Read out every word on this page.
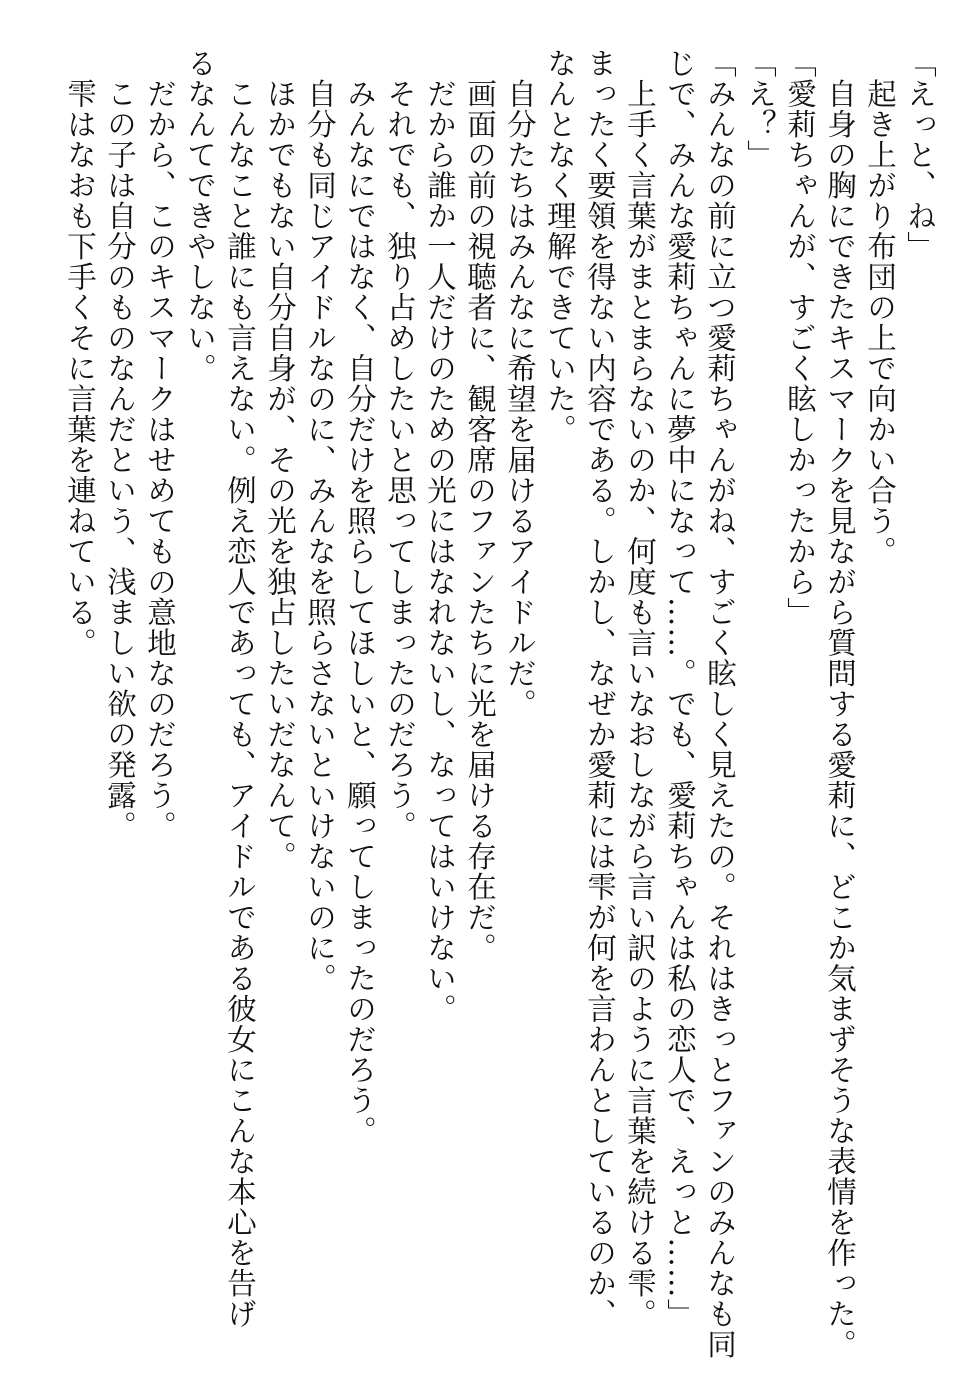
「えっと、ね」

　起き上がり布団の上で向かい合う。

　自身の胸にできたキスマークを見ながら質問する愛莉に、どこか気まずそうな表情を作った。

「愛莉ちゃんが、すごく眩しかったから」

「え？」

「みんなの前に立つ愛莉ちゃんがね、すごく眩しく見えたの。それはきっとファンのみんなも同

じで、みんな愛莉ちゃんに夢中になって……。でも、愛莉ちゃんは私の恋人で、えっと……」

　上手く言葉がまとまらないのか、何度も言いなおしながら言い訳のように言葉を続ける雫。

まったく要領を得ない内容である。しかし、なぜか愛莉には雫が何を言わんとしているのか、

なんとなく理解できていた。

　自分たちはみんなに希望を届けるアイドルだ。

　画面の前の視聴者に、観客席のファンたちに光を届ける存在だ。

　だから誰か一人だけのための光にはなれないし、なってはいけない。

　それでも、独り占めしたいと思ってしまったのだろう。

　みんなにではなく、自分だけを照らしてほしいと、願ってしまったのだろう。

　自分も同じアイドルなのに、みんなを照らさないといけないのに。

　ほかでもない自分自身が、その光を独占したいだなんて。

　こんなこと誰にも言えない。例え恋人であっても、アイドルである彼女にこんな本心を告げ

るなんてできやしない。

　だから、このキスマークはせめてもの意地なのだろう。

　この子は自分のものなんだという、浅ましい欲の発露。

　雫はなおも下手くそに言葉を連ねている。
